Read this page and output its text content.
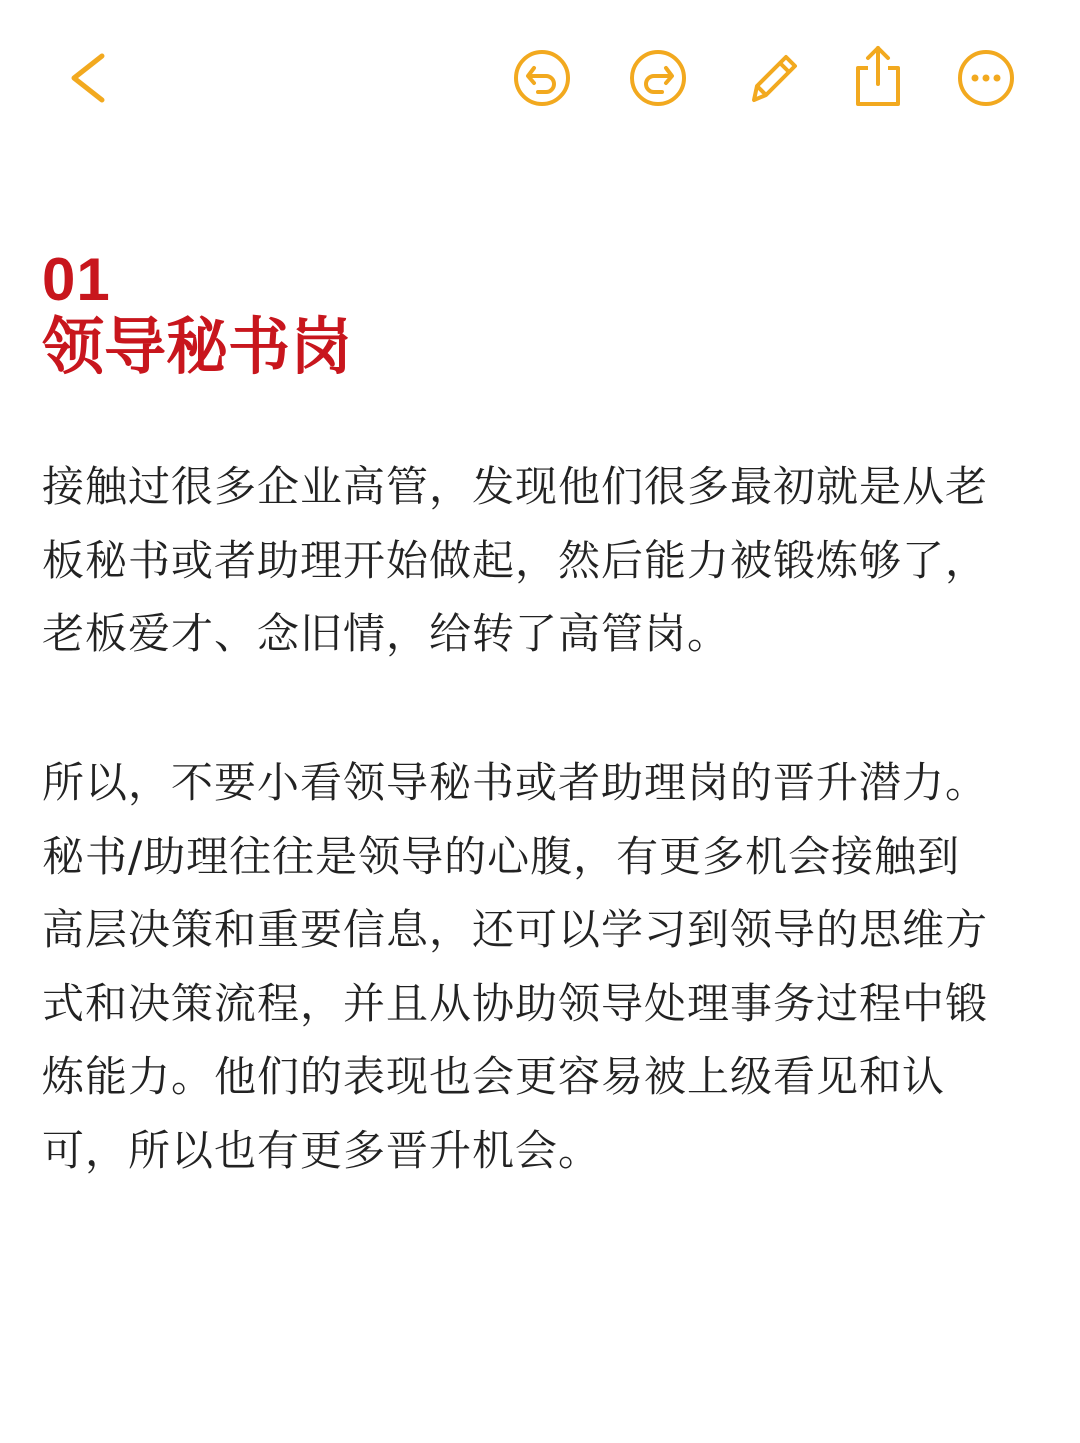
01
领导秘书岗

接触过很多企业高管，发现他们很多最初就是从老
板秘书或者助理开始做起，然后能力被锻炼够了，
老板爱才、念旧情，给转了高管岗。

所以，不要小看领导秘书或者助理岗的晋升潜力。
秘书/助理往往是领导的心腹，有更多机会接触到
高层决策和重要信息，还可以学习到领导的思维方
式和决策流程，并且从协助领导处理事务过程中锻
炼能力。他们的表现也会更容易被上级看见和认
可，所以也有更多晋升机会。
